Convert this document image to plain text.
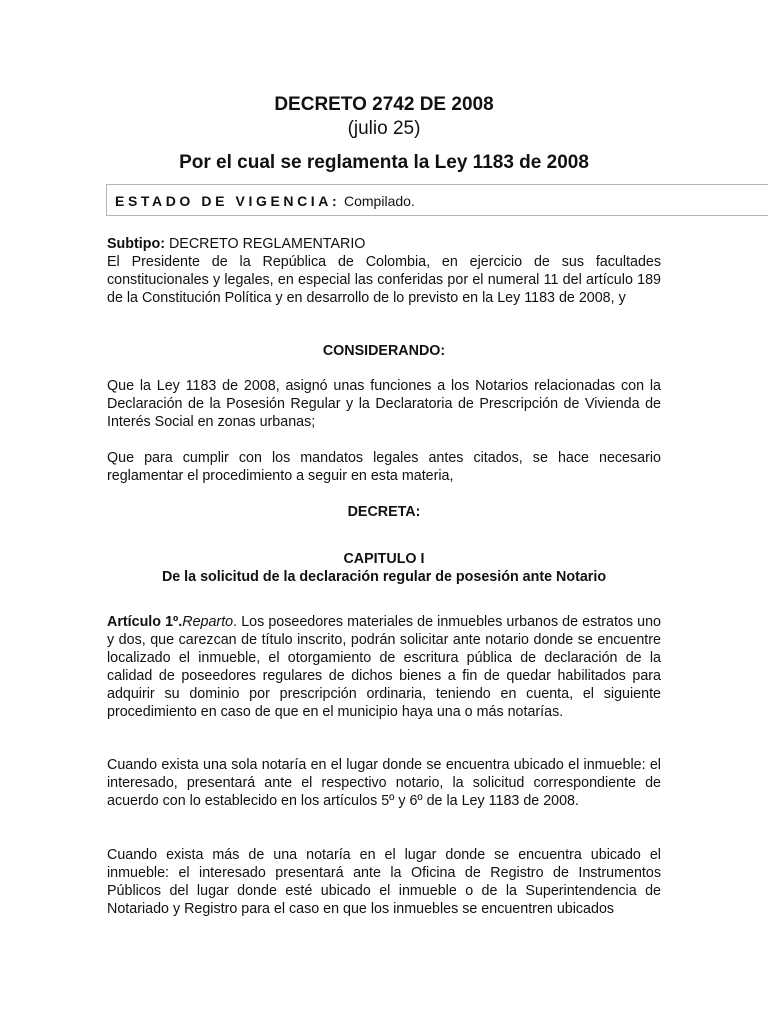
DECRETO 2742 DE 2008
(julio 25)
Por el cual se reglamenta la Ley 1183 de 2008
ESTADO DE VIGENCIA: Compilado.
Subtipo: DECRETO REGLAMENTARIO

El Presidente de la República de Colombia, en ejercicio de sus facultades constitucionales y legales, en especial las conferidas por el numeral 11 del artículo 189 de la Constitución Política y en desarrollo de lo previsto en la Ley 1183 de 2008, y

CONSIDERANDO:

Que la Ley 1183 de 2008, asignó unas funciones a los Notarios relacionadas con la Declaración de la Posesión Regular y la Declaratoria de Prescripción de Vivienda de Interés Social en zonas urbanas;

Que para cumplir con los mandatos legales antes citados, se hace necesario reglamentar el procedimiento a seguir en esta materia,

DECRETA:

CAPITULO I

De la solicitud de la declaración regular de posesión ante Notario

Artículo 1º.Reparto. Los poseedores materiales de inmuebles urbanos de estratos uno y dos, que carezcan de título inscrito, podrán solicitar ante notario donde se encuentre localizado el inmueble, el otorgamiento de escritura pública de declaración de la calidad de poseedores regulares de dichos bienes a fin de quedar habilitados para adquirir su dominio por prescripción ordinaria, teniendo en cuenta, el siguiente procedimiento en caso de que en el municipio haya una o más notarías.

Cuando exista una sola notaría en el lugar donde se encuentra ubicado el inmueble: el interesado, presentará ante el respectivo notario, la solicitud correspondiente de acuerdo con lo establecido en los artículos 5º y 6º de la Ley 1183 de 2008.

Cuando exista más de una notaría en el lugar donde se encuentra ubicado el inmueble: el interesado presentará ante la Oficina de Registro de Instrumentos Públicos del lugar donde esté ubicado el inmueble o de la Superintendencia de Notariado y Registro para el caso en que los inmuebles se encuentren ubicados
